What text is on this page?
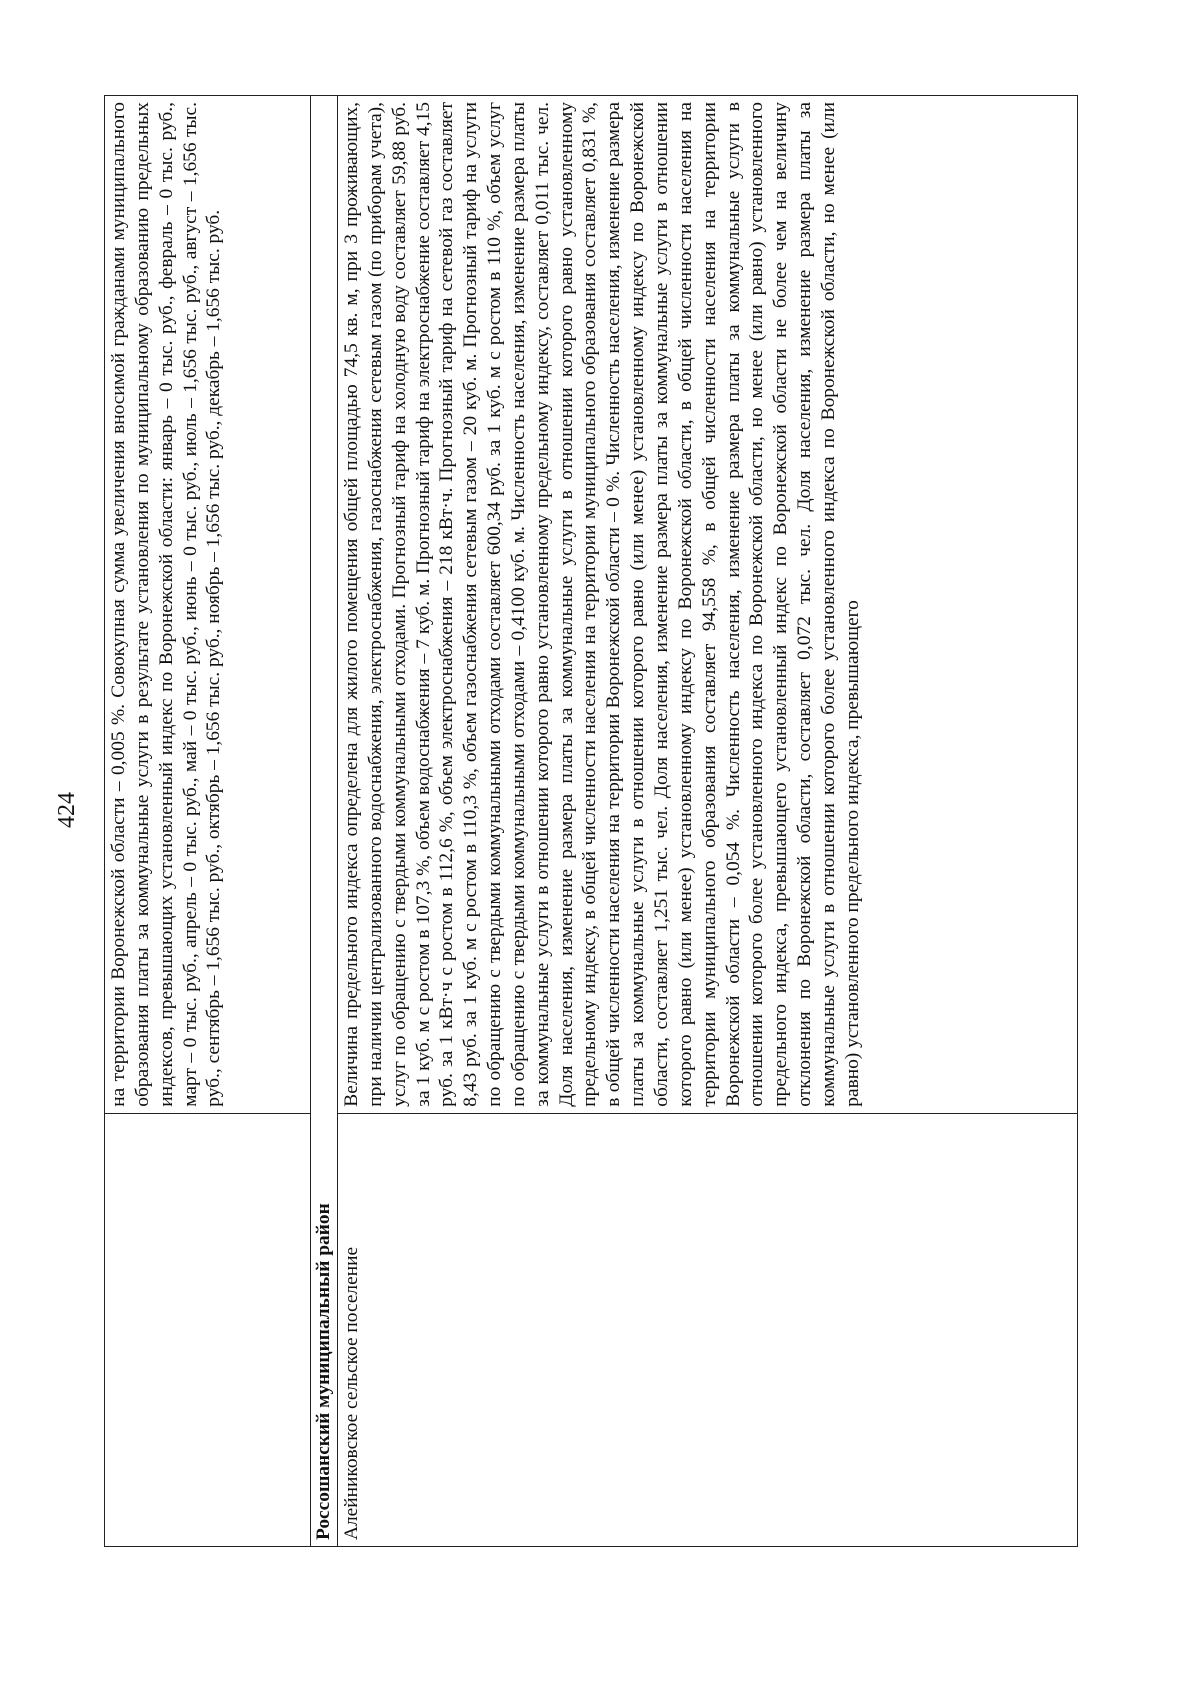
424
		на территории Воронежской области – 0,005 %. Совокупная сумма увеличения вносимой гражданами муниципального образования платы за коммунальные услуги в результате установления по муниципальному образованию предельных индексов, превышающих установленный индекс по Воронежской области: январь – 0 тыс. руб., февраль – 0 тыс. руб., март – 0 тыс. руб., апрель – 0 тыс. руб., май – 0 тыс. руб., июнь – 0 тыс. руб., июль – 1,656 тыс. руб., август – 1,656 тыс. руб., сентябрь – 1,656 тыс. руб., октябрь – 1,656 тыс. руб., ноябрь – 1,656 тыс. руб., декабрь – 1,656 тыс. руб.
Россошанский муниципальный район	
Алейниковское сельское поселение	Величина предельного индекса определена для жилого помещения общей площадью 74,5 кв. м, при 3 проживающих, при наличии централизованного водоснабжения, электроснабжения, газоснабжения сетевым газом (по приборам учета), услуг по обращению с твердыми коммунальными отходами. Прогнозный тариф на холодную воду составляет 59,88 руб. за 1 куб. м с ростом в 107,3 %, объем водоснабжения – 7 куб. м. Прогнозный тариф на электроснабжение составляет 4,15 руб. за 1 кВт·ч с ростом в 112,6 %, объем электроснабжения – 218 кВт·ч. Прогнозный тариф на сетевой газ составляет 8,43 руб. за 1 куб. м с ростом в 110,3 %, объем газоснабжения сетевым газом – 20 куб. м. Прогнозный тариф на услуги по обращению с твердыми коммунальными отходами составляет 600,34 руб. за 1 куб. м с ростом в 110 %, объем услуг по обращению с твердыми коммунальными отходами – 0,4100 куб. м. Численность населения, изменение размера платы за коммунальные услуги в отношении которого равно установленному предельному индексу, составляет 0,011 тыс. чел. Доля населения, изменение размера платы за коммунальные услуги в отношении которого равно установленному предельному индексу, в общей численности населения на территории муниципального образования составляет 0,831 %, в общей численности населения на территории Воронежской области – 0 %. Численность населения, изменение размера платы за коммунальные услуги в отношении которого равно (или менее) установленному индексу по Воронежской области, составляет 1,251 тыс. чел. Доля населения, изменение размера платы за коммунальные услуги в отношении которого равно (или менее) установленному индексу по Воронежской области, в общей численности населения на территории муниципального образования составляет 94,558 %, в общей численности населения на территории Воронежской области – 0,054 %. Численность населения, изменение размера платы за коммунальные услуги в отношении которого более установленного индекса по Воронежской области, но менее (или равно) установленного предельного индекса, превышающего установленный индекс по Воронежской области не более чем на величину отклонения по Воронежской области, составляет 0,072 тыс. чел. Доля населения, изменение размера платы за коммунальные услуги в отношении которого более установленного индекса по Воронежской области, но менее (или равно) установленного предельного индекса, превышающего
